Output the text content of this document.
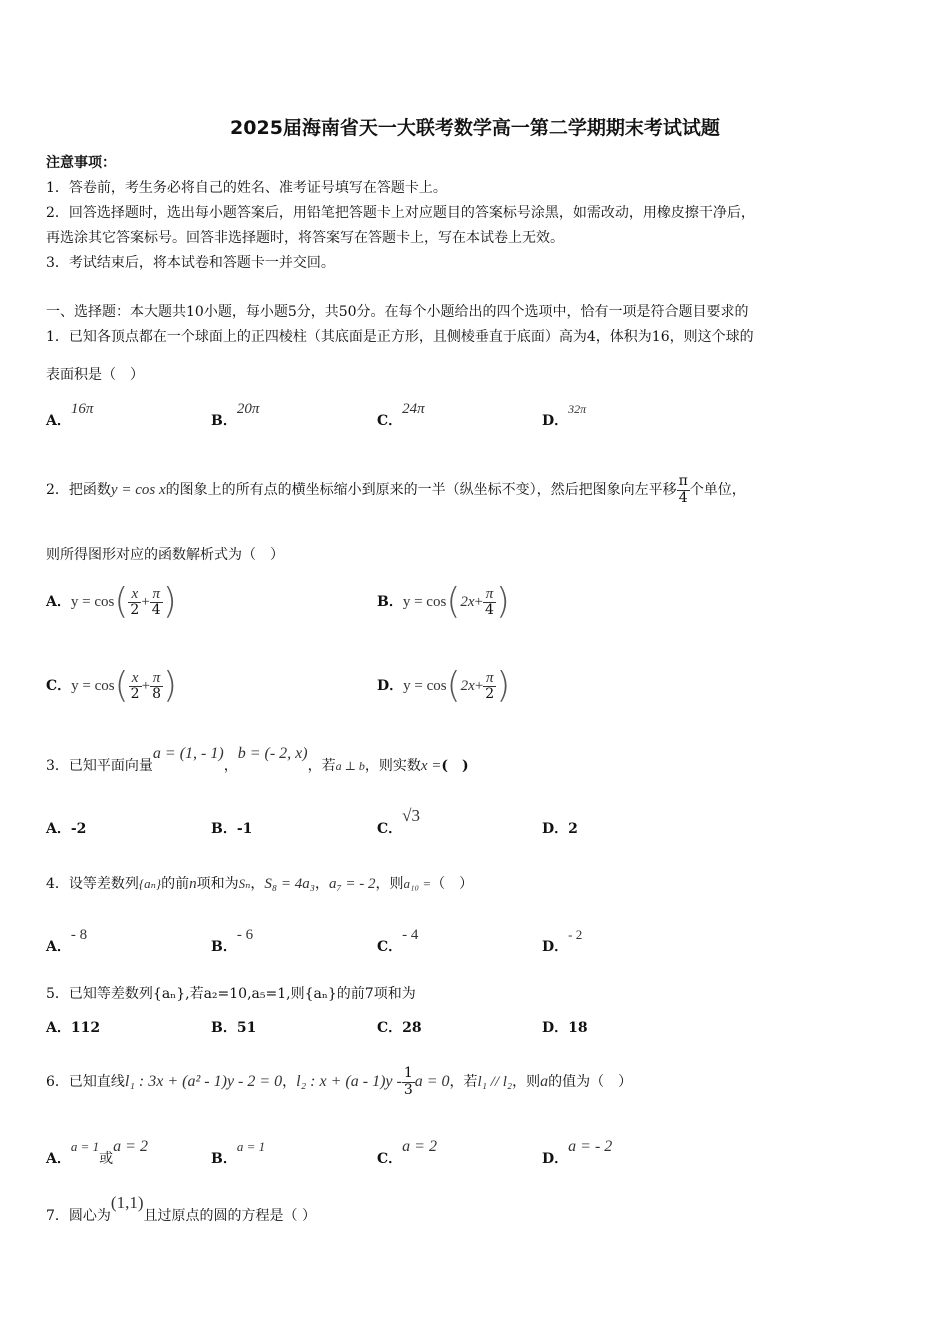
2025届海南省天一大联考数学高一第二学期期末考试试题
注意事项：
1．答卷前，考生务必将自己的姓名、准考证号填写在答题卡上。
2．回答选择题时，选出每小题答案后，用铅笔把答题卡上对应题目的答案标号涂黑，如需改动，用橡皮擦干净后，
再选涂其它答案标号。回答非选择题时，将答案写在答题卡上，写在本试卷上无效。
3．考试结束后，将本试卷和答题卡一并交回。
一、选择题：本大题共10小题，每小题5分，共50分。在每个小题给出的四个选项中，恰有一项是符合题目要求的
1．已知各顶点都在一个球面上的正四棱柱（其底面是正方形，且侧棱垂直于底面）高为4，体积为16，则这个球的
表面积是（　）
A．16π
B．20π
C．24π
D．32π
2．把函数y = cos x的图象上的所有点的横坐标缩小到原来的一半（纵坐标不变），然后把图象向左平移 $\frac{\pi}{4}$ 个单位，
则所得图形对应的函数解析式为（　）
A．$y = \cos( \frac{x}{2} + \frac{\pi}{4}$ )	B．$y = \cos(2x+ \frac{\pi}{4}$ )
C．$y = \cos( \frac{x}{2} + \frac{\pi}{8}$ )	D．$y = \cos(2x+ \frac{\pi}{2}$ )
3．已知平面向量a = (1, - 1)，b = (- 2, x)，若a ⊥ b，则实数x =(　)
A．-2	B．-1	C．√3
D．2
4．设等差数列{aₙ}的前n项和为Sₙ，S₈ = 4a₃，a₇ = - 2，则a₁₀ =（　）
A．- 8
B．- 6
C．- 4
D．- 2
5．已知等差数列{aₙ},若a₂=10,a₅=1,则{aₙ}的前7项和为
A．112	B．51	C．28	D．18
6．已知直线l₁ : 3x + (a² - 1)y - 2 = 0，l₂ : $x + (a - 1)y - \frac{1}{3}$ a = 0，若l₁ // l₂，则a的值为（　）
A．a = 1或a = 2
B．a = 1
C．a = 2
D．a = - 2
7．圆心为(1,1)且过原点的圆的方程是（ ）
